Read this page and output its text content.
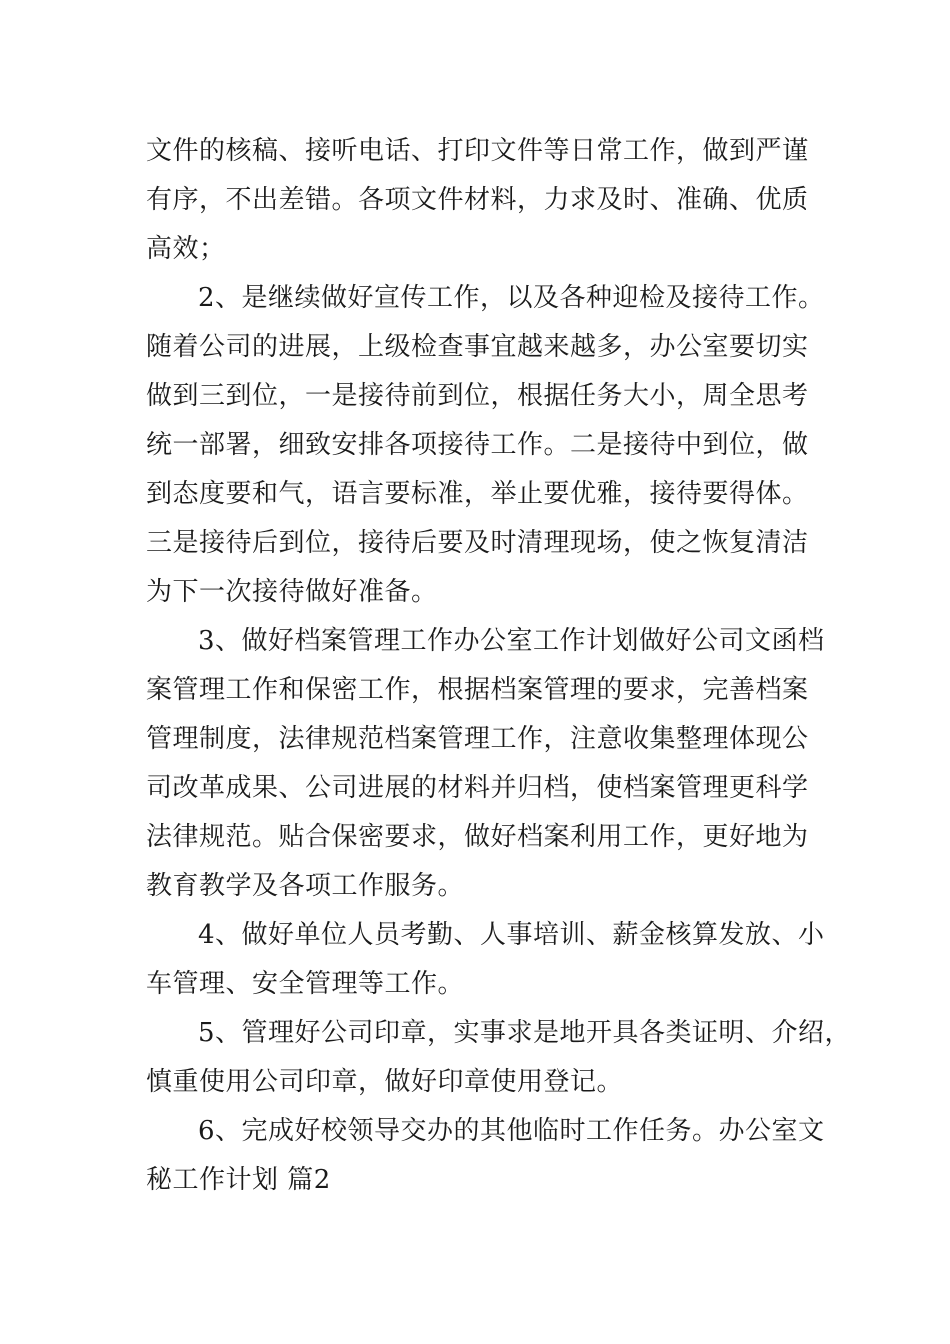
文件的核稿、接听电话、打印文件等日常工作，做到严谨
有序，不出差错。各项文件材料，力求及时、准确、优质
高效；
2、是继续做好宣传工作，以及各种迎检及接待工作。
随着公司的进展，上级检查事宜越来越多，办公室要切实
做到三到位，一是接待前到位，根据任务大小，周全思考
统一部署，细致安排各项接待工作。二是接待中到位，做
到态度要和气，语言要标准，举止要优雅，接待要得体。
三是接待后到位，接待后要及时清理现场，使之恢复清洁
为下一次接待做好准备。
3、做好档案管理工作办公室工作计划做好公司文函档
案管理工作和保密工作，根据档案管理的要求，完善档案
管理制度，法律规范档案管理工作，注意收集整理体现公
司改革成果、公司进展的材料并归档，使档案管理更科学
法律规范。贴合保密要求，做好档案利用工作，更好地为
教育教学及各项工作服务。
4、做好单位人员考勤、人事培训、薪金核算发放、小
车管理、安全管理等工作。
5、管理好公司印章，实事求是地开具各类证明、介绍，
慎重使用公司印章，做好印章使用登记。
6、完成好校领导交办的其他临时工作任务。办公室文
秘工作计划 篇2
